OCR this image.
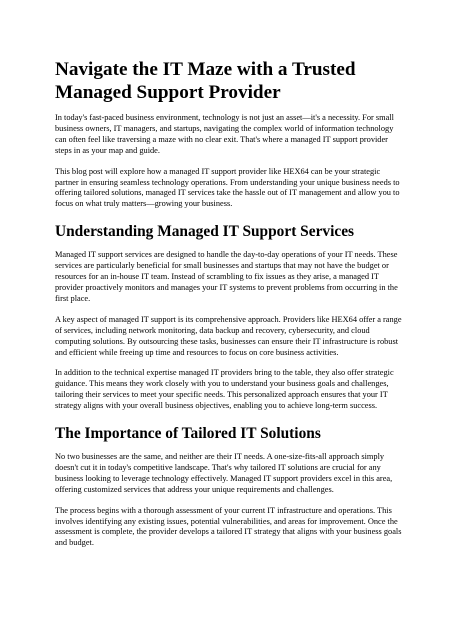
Navigate the IT Maze with a Trusted Managed Support Provider

In today's fast-paced business environment, technology is not just an asset—it's a necessity. For small business owners, IT managers, and startups, navigating the complex world of information technology can often feel like traversing a maze with no clear exit. That's where a managed IT support provider steps in as your map and guide.

This blog post will explore how a managed IT support provider like HEX64 can be your strategic partner in ensuring seamless technology operations. From understanding your unique business needs to offering tailored solutions, managed IT services take the hassle out of IT management and allow you to focus on what truly matters—growing your business.

Understanding Managed IT Support Services

Managed IT support services are designed to handle the day-to-day operations of your IT needs. These services are particularly beneficial for small businesses and startups that may not have the budget or resources for an in-house IT team. Instead of scrambling to fix issues as they arise, a managed IT provider proactively monitors and manages your IT systems to prevent problems from occurring in the first place.

A key aspect of managed IT support is its comprehensive approach. Providers like HEX64 offer a range of services, including network monitoring, data backup and recovery, cybersecurity, and cloud computing solutions. By outsourcing these tasks, businesses can ensure their IT infrastructure is robust and efficient while freeing up time and resources to focus on core business activities.

In addition to the technical expertise managed IT providers bring to the table, they also offer strategic guidance. This means they work closely with you to understand your business goals and challenges, tailoring their services to meet your specific needs. This personalized approach ensures that your IT strategy aligns with your overall business objectives, enabling you to achieve long-term success.

The Importance of Tailored IT Solutions

No two businesses are the same, and neither are their IT needs. A one-size-fits-all approach simply doesn't cut it in today's competitive landscape. That's why tailored IT solutions are crucial for any business looking to leverage technology effectively. Managed IT support providers excel in this area, offering customized services that address your unique requirements and challenges.

The process begins with a thorough assessment of your current IT infrastructure and operations. This involves identifying any existing issues, potential vulnerabilities, and areas for improvement. Once the assessment is complete, the provider develops a tailored IT strategy that aligns with your business goals and budget.
